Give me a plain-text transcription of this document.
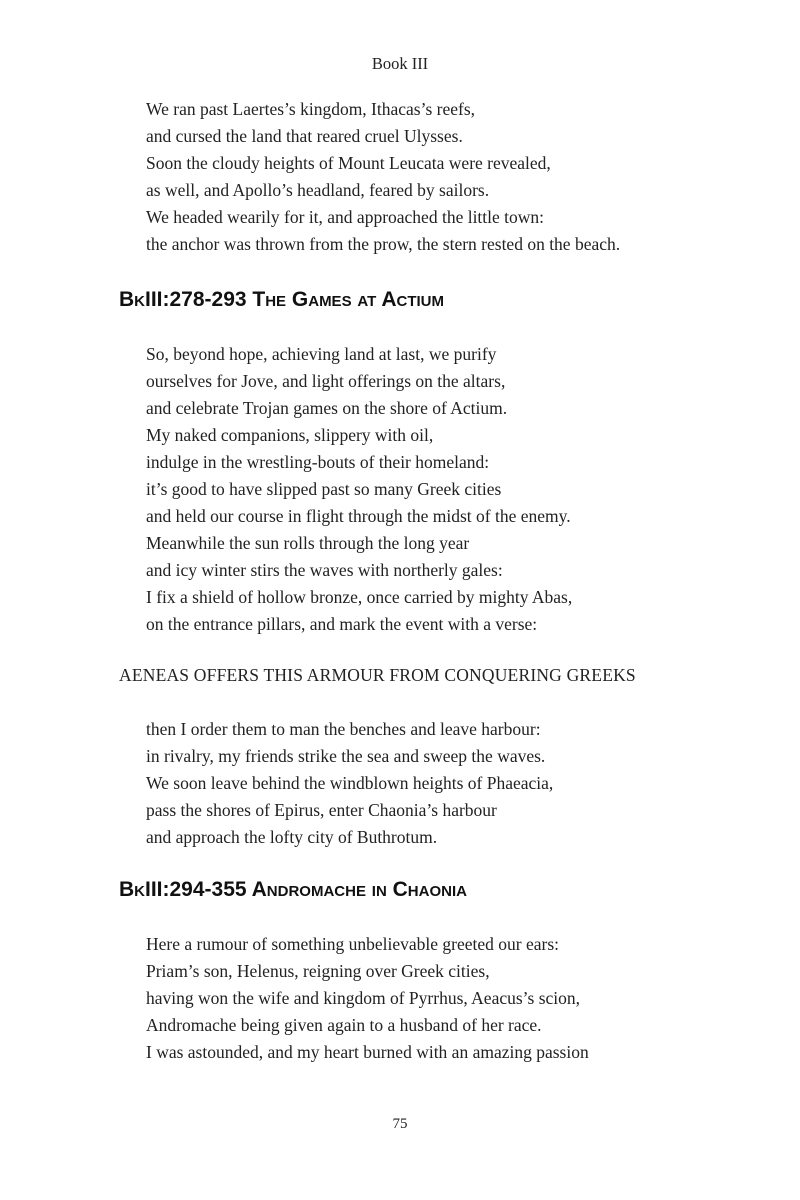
Book III
We ran past Laertes’s kingdom, Ithacas’s reefs,
and cursed the land that reared cruel Ulysses.
Soon the cloudy heights of Mount Leucata were revealed,
as well, and Apollo’s headland, feared by sailors.
We headed wearily for it, and approached the little town:
the anchor was thrown from the prow, the stern rested on the beach.
BkIII:278-293 The Games at Actium
So, beyond hope, achieving land at last, we purify
ourselves for Jove, and light offerings on the altars,
and celebrate Trojan games on the shore of Actium.
My naked companions, slippery with oil,
indulge in the wrestling-bouts of their homeland:
it’s good to have slipped past so many Greek cities
and held our course in flight through the midst of the enemy.
Meanwhile the sun rolls through the long year
and icy winter stirs the waves with northerly gales:
I fix a shield of hollow bronze, once carried by mighty Abas,
on the entrance pillars, and mark the event with a verse:
AENEAS OFFERS THIS ARMOUR FROM CONQUERING GREEKS
then I order them to man the benches and leave harbour:
in rivalry, my friends strike the sea and sweep the waves.
We soon leave behind the windblown heights of Phaeacia,
pass the shores of Epirus, enter Chaonia’s harbour
and approach the lofty city of Buthrotum.
BkIII:294-355 Andromache in Chaonia
Here a rumour of something unbelievable greeted our ears:
Priam’s son, Helenus, reigning over Greek cities,
having won the wife and kingdom of Pyrrhus, Aeacus’s scion,
Andromache being given again to a husband of her race.
I was astounded, and my heart burned with an amazing passion
75
